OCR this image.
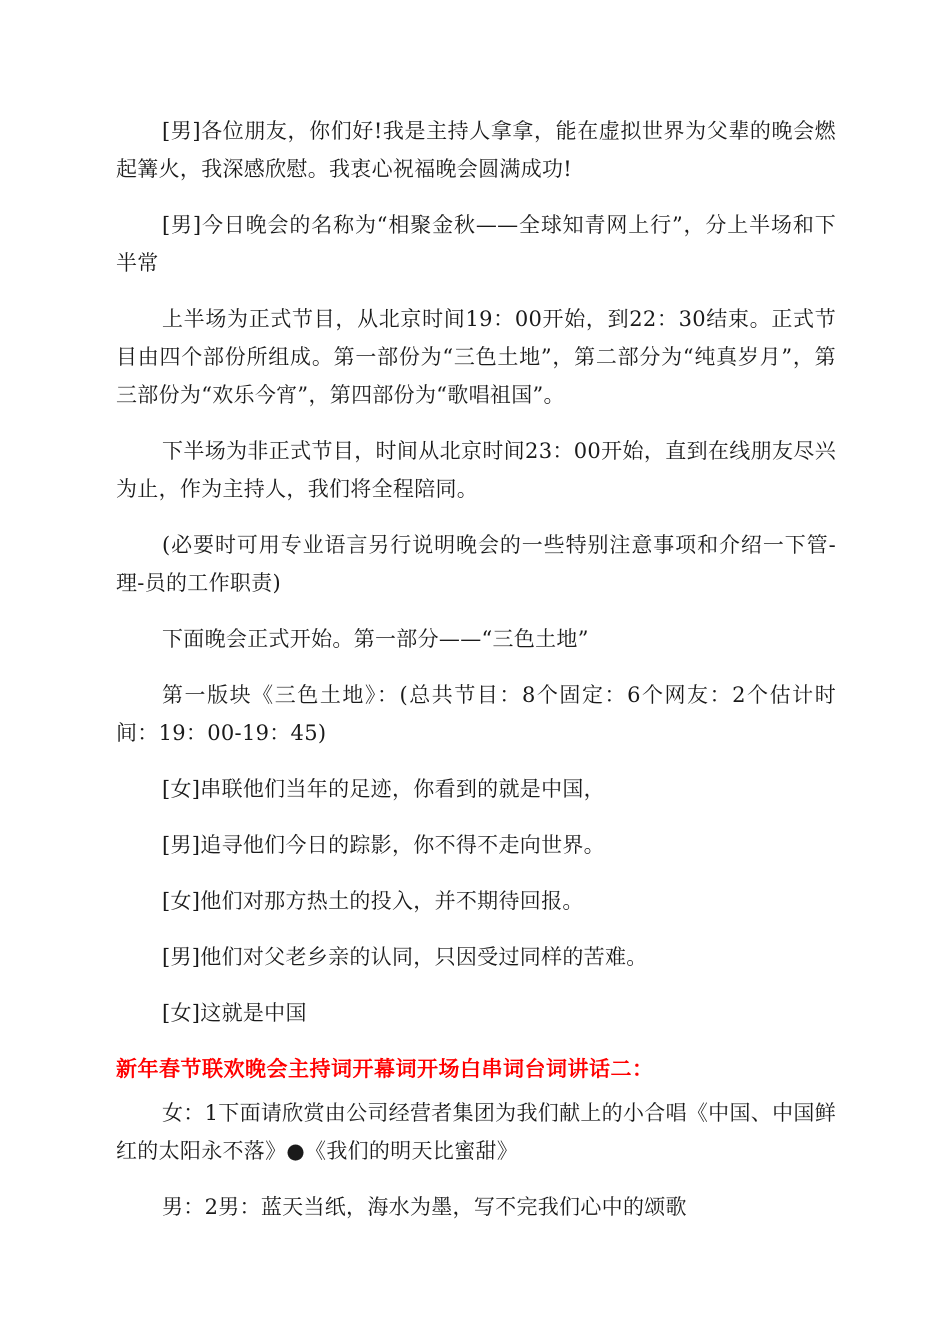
[男]各位朋友，你们好!我是主持人拿拿，能在虚拟世界为父辈的晚会燃起篝火，我深感欣慰。我衷心祝福晚会圆满成功!

[男]今日晚会的名称为“相聚金秋——全球知青网上行”，分上半场和下半常

上半场为正式节目，从北京时间19：00开始，到22：30结束。正式节目由四个部份所组成。第一部份为“三色土地”，第二部分为“纯真岁月”，第三部份为“欢乐今宵”，第四部份为“歌唱祖国”。

下半场为非正式节目，时间从北京时间23：00开始，直到在线朋友尽兴为止，作为主持人，我们将全程陪同。

(必要时可用专业语言另行说明晚会的一些特别注意事项和介绍一下管-理-员的工作职责)

下面晚会正式开始。第一部分——“三色土地”

第一版块《三色土地》：(总共节目：8个固定：6个网友：2个估计时间：19：00-19：45)

[女]串联他们当年的足迹，你看到的就是中国，

[男]追寻他们今日的踪影，你不得不走向世界。

[女]他们对那方热土的投入，并不期待回报。

[男]他们对父老乡亲的认同，只因受过同样的苦难。

[女]这就是中国

新年春节联欢晚会主持词开幕词开场白串词台词讲话二：

女：1下面请欣赏由公司经营者集团为我们献上的小合唱《中国、中国鲜红的太阳永不落》●《我们的明天比蜜甜》

男：2男：蓝天当纸，海水为墨，写不完我们心中的颂歌
